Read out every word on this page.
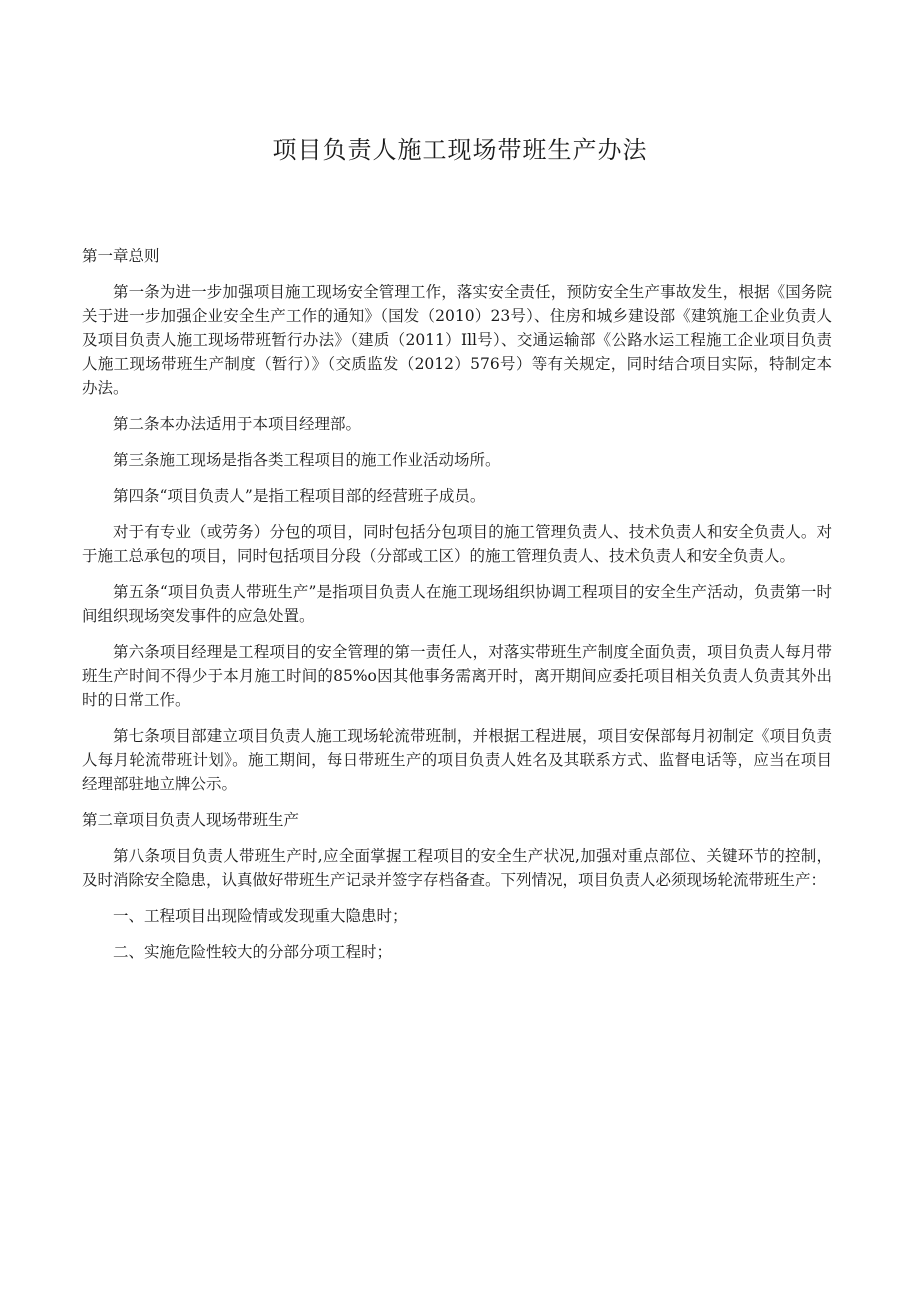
项目负责人施工现场带班生产办法

第一章总则

第一条为进一步加强项目施工现场安全管理工作，落实安全责任，预防安全生产事故发生，根据《国务院关于进一步加强企业安全生产工作的通知》（国发（2010）23号）、住房和城乡建设部《建筑施工企业负责人及项目负责人施工现场带班暂行办法》（建质（2011）Ill号）、交通运输部《公路水运工程施工企业项目负责人施工现场带班生产制度（暂行）》（交质监发（2012）576号）等有关规定，同时结合项目实际，特制定本办法。

第二条本办法适用于本项目经理部。

第三条施工现场是指各类工程项目的施工作业活动场所。

第四条“项目负责人”是指工程项目部的经营班子成员。

对于有专业（或劳务）分包的项目，同时包括分包项目的施工管理负责人、技术负责人和安全负责人。对于施工总承包的项目，同时包括项目分段（分部或工区）的施工管理负责人、技术负责人和安全负责人。

第五条“项目负责人带班生产”是指项目负责人在施工现场组织协调工程项目的安全生产活动，负责第一时间组织现场突发事件的应急处置。

第六条项目经理是工程项目的安全管理的第一责任人，对落实带班生产制度全面负责，项目负责人每月带班生产时间不得少于本月施工时间的85%o因其他事务需离开时，离开期间应委托项目相关负责人负责其外出时的日常工作。

第七条项目部建立项目负责人施工现场轮流带班制，并根据工程进展，项目安保部每月初制定《项目负责人每月轮流带班计划》。施工期间，每日带班生产的项目负责人姓名及其联系方式、监督电话等，应当在项目经理部驻地立牌公示。

第二章项目负责人现场带班生产

第八条项目负责人带班生产时,应全面掌握工程项目的安全生产状况,加强对重点部位、关键环节的控制，及时消除安全隐患，认真做好带班生产记录并签字存档备查。下列情况，项目负责人必须现场轮流带班生产：

一、工程项目出现险情或发现重大隐患时；

二、实施危险性较大的分部分项工程时；
